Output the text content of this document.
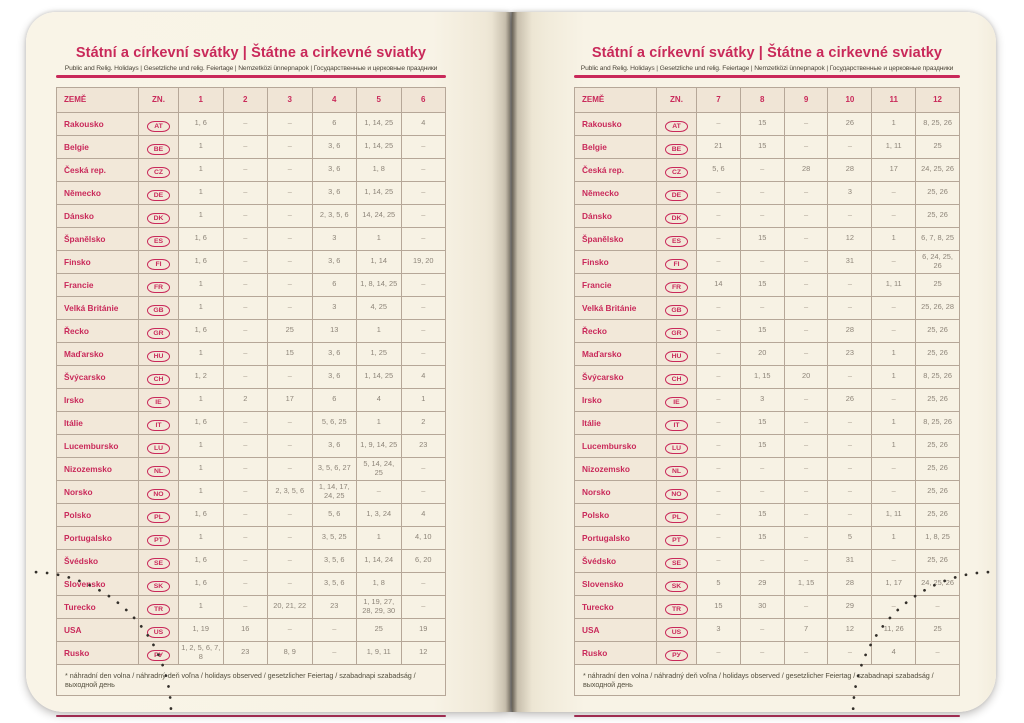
Státní a církevní svátky | Štátne a cirkevné sviatky
Public and Relig. Holidays | Gesetzliche und relig. Feiertage | Nemzetközi ünnepnapok | Государственные и церковные праздники
ZEMĚ	ZN.	1	2	3	4	5	6
Rakousko	AT	1, 6	–	–	6	1, 14, 25	4
Belgie	BE	1	–	–	3, 6	1, 14, 25	–
Česká rep.	CZ	1	–	–	3, 6	1, 8	–
Německo	DE	1	–	–	3, 6	1, 14, 25	–
Dánsko	DK	1	–	–	2, 3, 5, 6	14, 24, 25	–
Španělsko	ES	1, 6	–	–	3	1	–
Finsko	FI	1, 6	–	–	3, 6	1, 14	19, 20
Francie	FR	1	–	–	6	1, 8, 14, 25	–
Velká Británie	GB	1	–	–	3	4, 25	–
Řecko	GR	1, 6	–	25	13	1	–
Maďarsko	HU	1	–	15	3, 6	1, 25	–
Švýcarsko	CH	1, 2	–	–	3, 6	1, 14, 25	4
Irsko	IE	1	2	17	6	4	1
Itálie	IT	1, 6	–	–	5, 6, 25	1	2
Lucembursko	LU	1	–	–	3, 6	1, 9, 14, 25	23
Nizozemsko	NL	1	–	–	3, 5, 6, 27	5, 14, 24, 25	–
Norsko	NO	1	–	2, 3, 5, 6	1, 14, 17, 24, 25	–	–
Polsko	PL	1, 6	–	–	5, 6	1, 3, 24	4
Portugalsko	PT	1	–	–	3, 5, 25	1	4, 10
Švédsko	SE	1, 6	–	–	3, 5, 6	1, 14, 24	6, 20
Slovensko	SK	1, 6	–	–	3, 5, 6	1, 8	–
Turecko	TR	1	–	20, 21, 22	23	1, 19, 27, 28, 29, 30	–
USA	US	1, 19	16	–	–	25	19
Rusko	РУ	1, 2, 5, 6, 7, 8	23	8, 9	–	1, 9, 11	12
* náhradní den volna / náhradný deň voľna / holidays observed / gesetzlicher Feiertag / szabadnapi szabadság / выходной день							
Státní a církevní svátky | Štátne a cirkevné sviatky
Public and Relig. Holidays | Gesetzliche und relig. Feiertage | Nemzetközi ünnepnapok | Государственные и церковные праздники
ZEMĚ	ZN.	7	8	9	10	11	12
Rakousko	AT	–	15	–	26	1	8, 25, 26
Belgie	BE	21	15	–	–	1, 11	25
Česká rep.	CZ	5, 6	–	28	28	17	24, 25, 26
Německo	DE	–	–	–	3	–	25, 26
Dánsko	DK	–	–	–	–	–	25, 26
Španělsko	ES	–	15	–	12	1	6, 7, 8, 25
Finsko	FI	–	–	–	31	–	6, 24, 25, 26
Francie	FR	14	15	–	–	1, 11	25
Velká Británie	GB	–	–	–	–	–	25, 26, 28
Řecko	GR	–	15	–	28	–	25, 26
Maďarsko	HU	–	20	–	23	1	25, 26
Švýcarsko	CH	–	1, 15	20	–	1	8, 25, 26
Irsko	IE	–	3	–	26	–	25, 26
Itálie	IT	–	15	–	–	1	8, 25, 26
Lucembursko	LU	–	15	–	–	1	25, 26
Nizozemsko	NL	–	–	–	–	–	25, 26
Norsko	NO	–	–	–	–	–	25, 26
Polsko	PL	–	15	–	–	1, 11	25, 26
Portugalsko	PT	–	15	–	5	1	1, 8, 25
Švédsko	SE	–	–	–	31	–	25, 26
Slovensko	SK	5	29	1, 15	28	1, 17	24, 25, 26
Turecko	TR	15	30	–	29	–	–
USA	US	3	–	7	12	11, 26	25
Rusko	РУ	–	–	–	–	4	–
* náhradní den volna / náhradný deň voľna / holidays observed / gesetzlicher Feiertag / szabadnapi szabadság / выходной день							
